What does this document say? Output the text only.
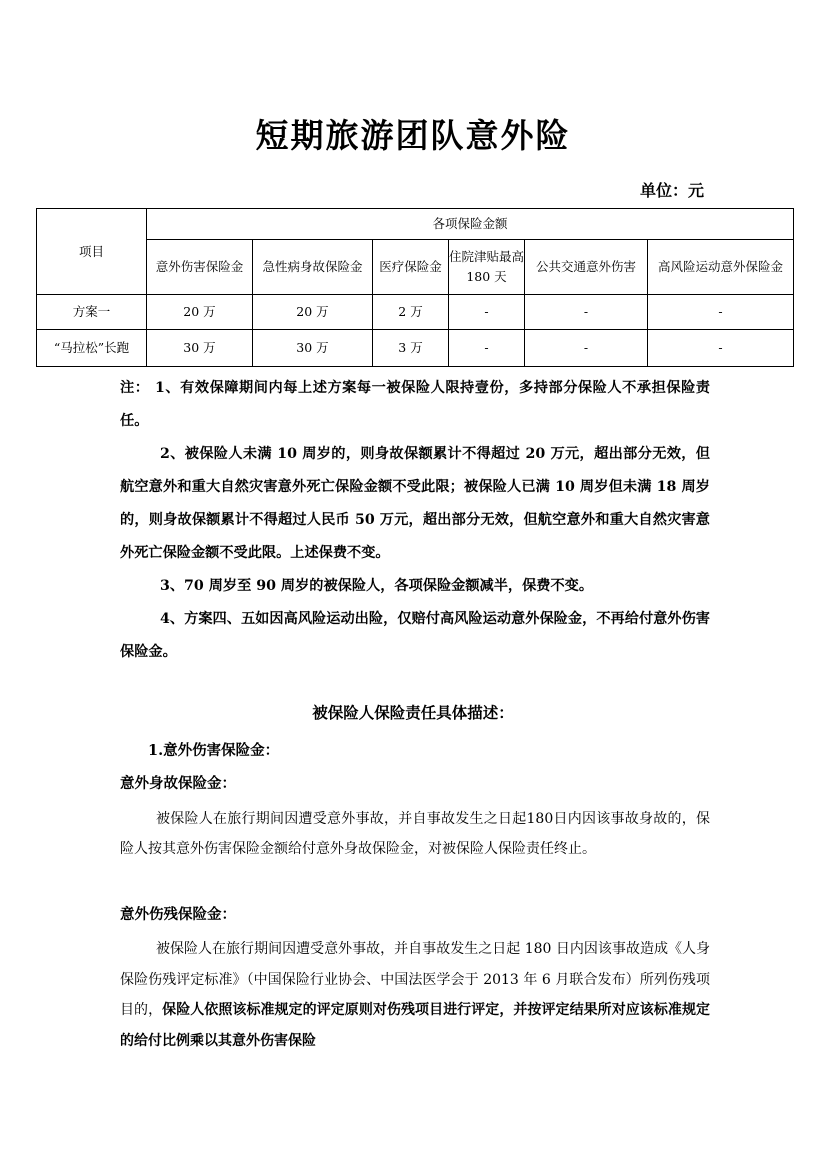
短期旅游团队意外险
单位：元
项目	各项保险金额					
	意外伤害保险金	急性病身故保险金	医疗保险金	住院津贴最高 180 天	公共交通意外伤害	高风险运动意外保险金
方案一	20 万	20 万	2 万	-	-	-
“马拉松”长跑	30 万	30 万	3 万	-	-	-

注： 1、有效保障期间内每上述方案每一被保险人限持壹份，多持部分保险人不承担保险责任。

2、被保险人未满 10 周岁的，则身故保额累计不得超过 20 万元，超出部分无效，但航空意外和重大自然灾害意外死亡保险金额不受此限；被保险人已满 10 周岁但未满 18 周岁的，则身故保额累计不得超过人民币 50 万元，超出部分无效，但航空意外和重大自然灾害意外死亡保险金额不受此限。上述保费不变。

3、70 周岁至 90 周岁的被保险人，各项保险金额减半，保费不变。

4、方案四、五如因高风险运动出险，仅赔付高风险运动意外保险金，不再给付意外伤害保险金。

被保险人保险责任具体描述：
1.意外伤害保险金：
意外身故保险金：

被保险人在旅行期间因遭受意外事故，并自事故发生之日起180日内因该事故身故的，保险人按其意外伤害保险金额给付意外身故保险金，对被保险人保险责任终止。

意外伤残保险金：

被保险人在旅行期间因遭受意外事故，并自事故发生之日起 180 日内因该事故造成《人身保险伤残评定标准》（中国保险行业协会、中国法医学会于 2013 年 6 月联合发布）所列伤残项目的，保险人依照该标准规定的评定原则对伤残项目进行评定，并按评定结果所对应该标准规定的给付比例乘以其意外伤害保险
